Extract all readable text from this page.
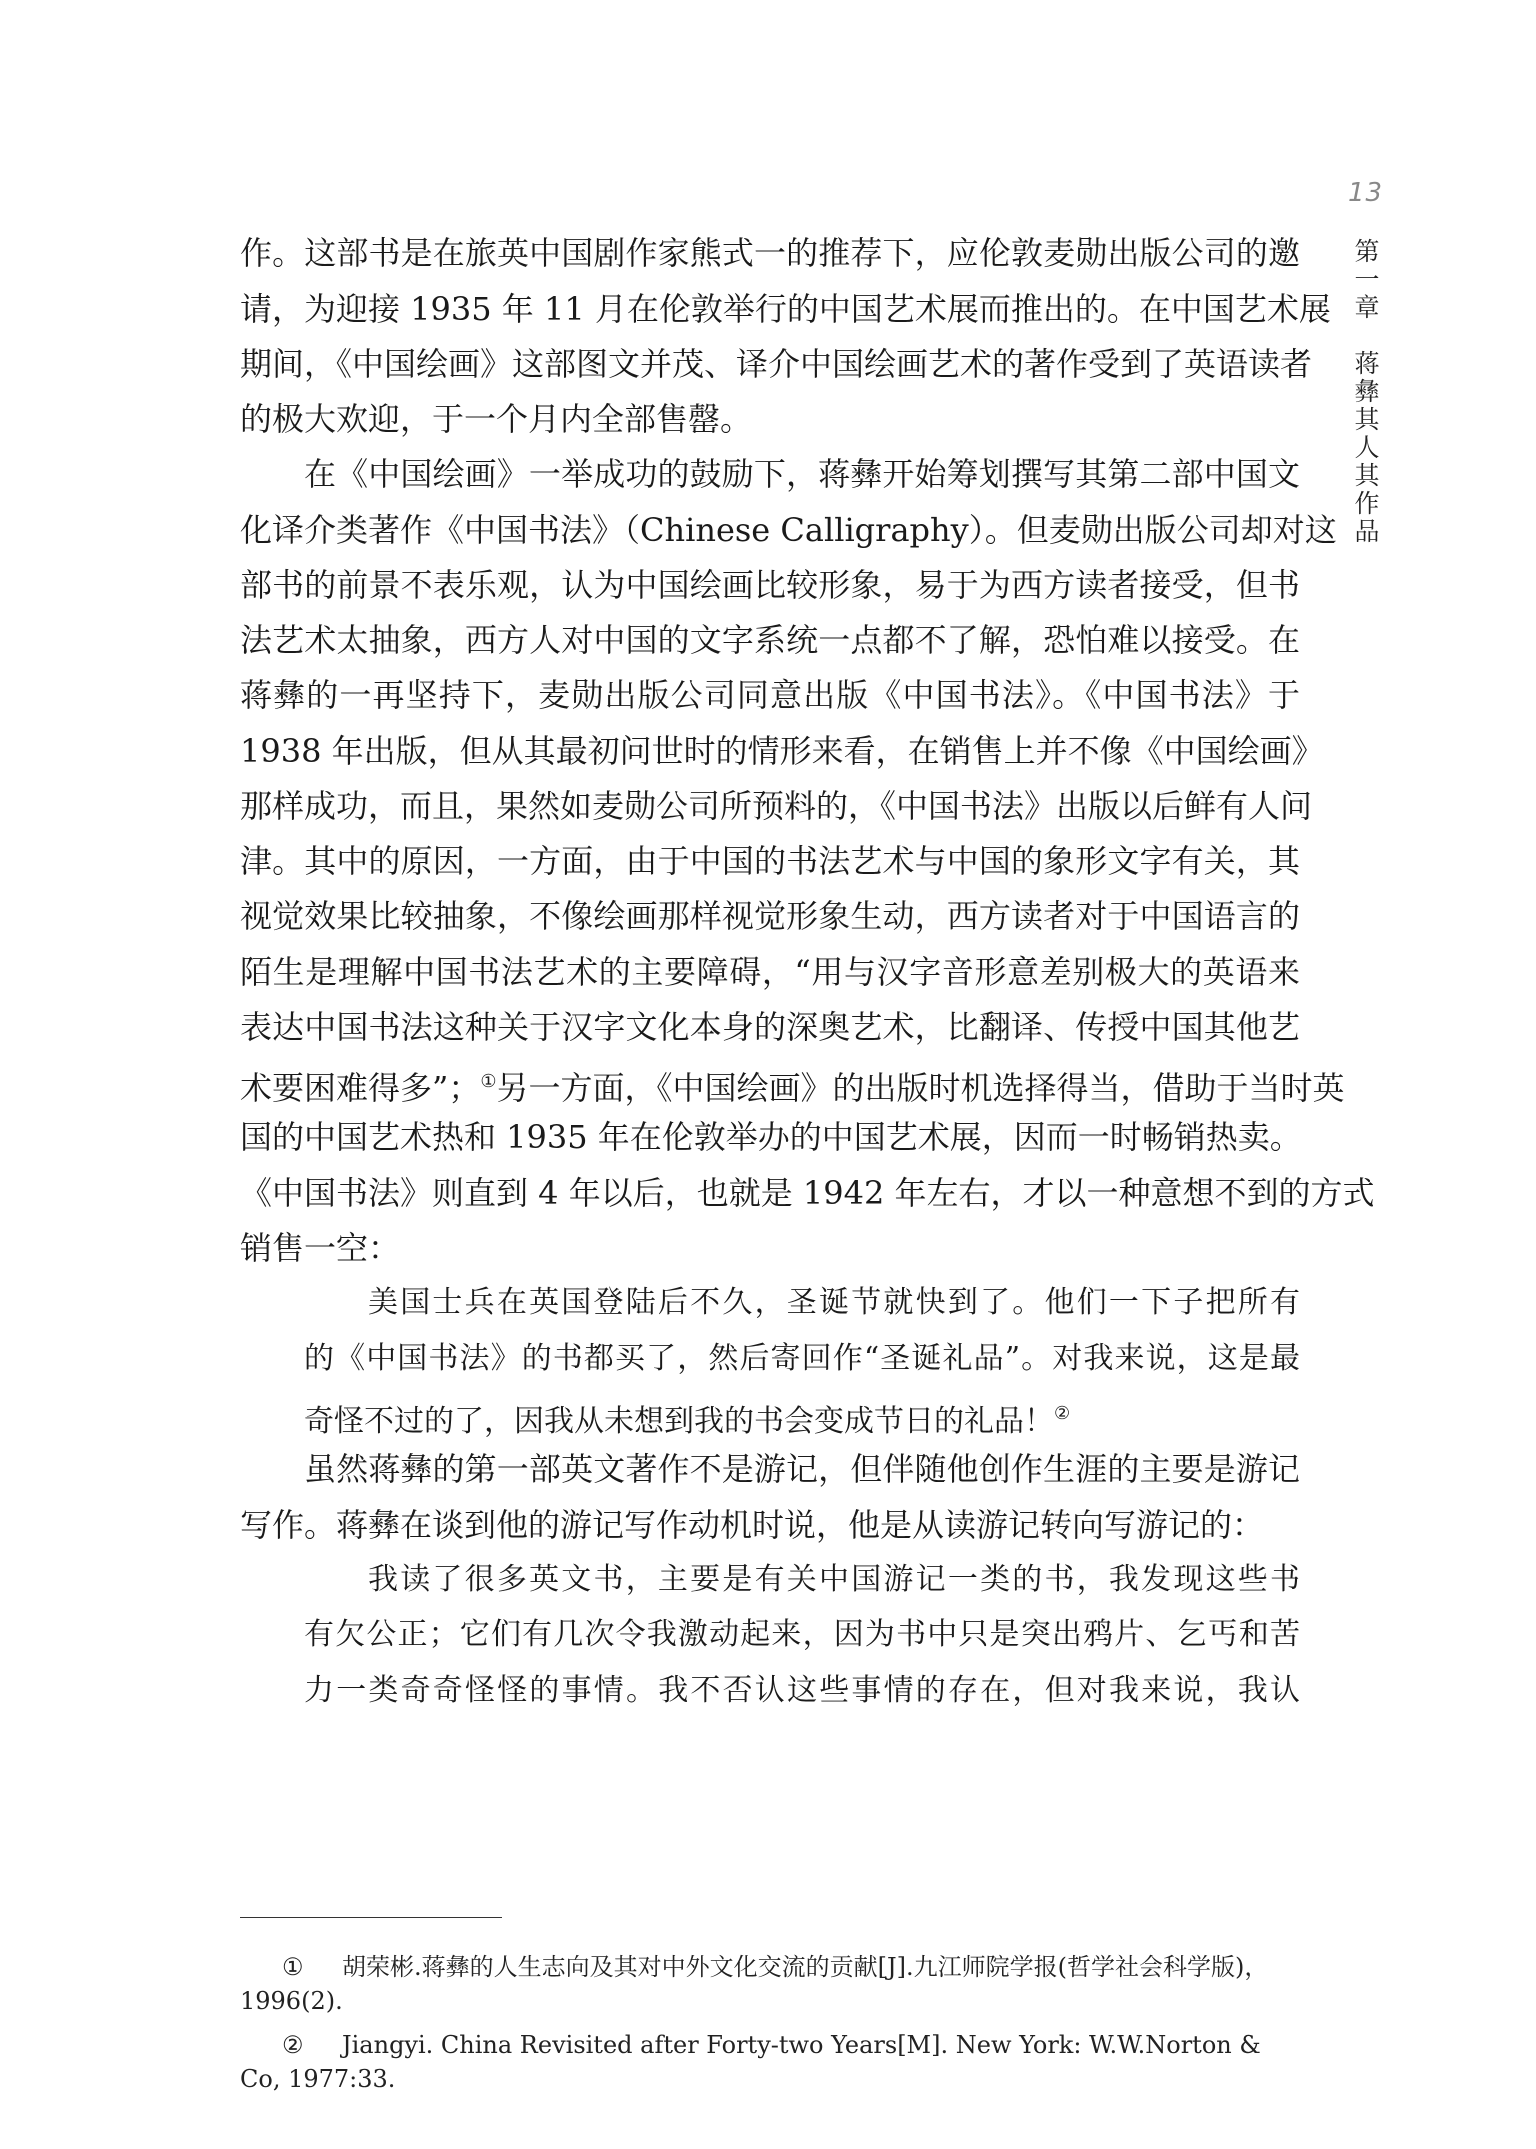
13
第一章蒋彝其人其作品
作。这部书是在旅英中国剧作家熊式一的推荐下，应伦敦麦勋出版公司的邀
请，为迎接 1935 年 11 月在伦敦举行的中国艺术展而推出的。在中国艺术展
期间，《中国绘画》这部图文并茂、译介中国绘画艺术的著作受到了英语读者
的极大欢迎，于一个月内全部售罄。
在《中国绘画》一举成功的鼓励下，蒋彝开始筹划撰写其第二部中国文
化译介类著作《中国书法》（Chinese Calligraphy）。但麦勋出版公司却对这
部书的前景不表乐观，认为中国绘画比较形象，易于为西方读者接受，但书
法艺术太抽象，西方人对中国的文字系统一点都不了解，恐怕难以接受。在
蒋彝的一再坚持下，麦勋出版公司同意出版《中国书法》。《中国书法》于
1938 年出版，但从其最初问世时的情形来看，在销售上并不像《中国绘画》
那样成功，而且，果然如麦勋公司所预料的，《中国书法》出版以后鲜有人问
津。其中的原因，一方面，由于中国的书法艺术与中国的象形文字有关，其
视觉效果比较抽象，不像绘画那样视觉形象生动，西方读者对于中国语言的
陌生是理解中国书法艺术的主要障碍，“用与汉字音形意差别极大的英语来
表达中国书法这种关于汉字文化本身的深奥艺术，比翻译、传授中国其他艺
术要困难得多”；①另一方面，《中国绘画》的出版时机选择得当，借助于当时英
国的中国艺术热和 1935 年在伦敦举办的中国艺术展，因而一时畅销热卖。
《中国书法》则直到 4 年以后，也就是 1942 年左右，才以一种意想不到的方式
销售一空：
美国士兵在英国登陆后不久，圣诞节就快到了。他们一下子把所有
的《中国书法》的书都买了，然后寄回作“圣诞礼品”。对我来说，这是最
奇怪不过的了，因我从未想到我的书会变成节日的礼品！②
虽然蒋彝的第一部英文著作不是游记，但伴随他创作生涯的主要是游记
写作。蒋彝在谈到他的游记写作动机时说，他是从读游记转向写游记的：
我读了很多英文书，主要是有关中国游记一类的书，我发现这些书
有欠公正；它们有几次令我激动起来，因为书中只是突出鸦片、乞丐和苦
力一类奇奇怪怪的事情。我不否认这些事情的存在，但对我来说，我认
① 胡荣彬.蒋彝的人生志向及其对中外文化交流的贡献[J].九江师院学报(哲学社会科学版)，
1996(2).
② Jiangyi. China Revisited after Forty-two Years[M]. New York: W.W.Norton & Co, 1977:33.
